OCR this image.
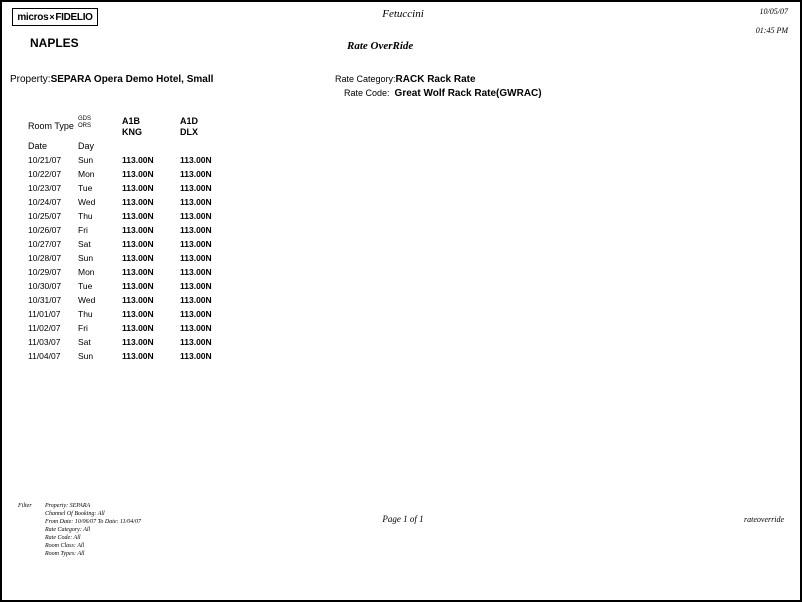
micros×FIDELIO
NAPLES
Fetuccini
Rate OverRide
10/05/07
01:45 PM
Property:SEPARA Opera Demo Hotel, Small	Rate Category:RACK Rack Rate
Rate Code: Great Wolf Rack Rate(GWRAC)
Room Type	
GDS
ORS	A1B
KNG

A1D
DLX

Date	Day		
10/21/07	Sun	113.00N	113.00N
10/22/07	Mon	113.00N	113.00N
10/23/07	Tue	113.00N	113.00N
10/24/07	Wed	113.00N	113.00N
10/25/07	Thu	113.00N	113.00N
10/26/07	Fri	113.00N	113.00N
10/27/07	Sat	113.00N	113.00N
10/28/07	Sun	113.00N	113.00N
10/29/07	Mon	113.00N	113.00N
10/30/07	Tue	113.00N	113.00N
10/31/07	Wed	113.00N	113.00N
11/01/07	Thu	113.00N	113.00N
11/02/07	Fri	113.00N	113.00N
11/03/07	Sat	113.00N	113.00N
11/04/07	Sun	113.00N	113.00N
Filter Property: SEPARA
Channel Of Booking: All
From Date: 10/06/07 To Date: 11/04/07
Rate Category: All
Rate Code: All
Room Class: All
Room Types: All
Page 1 of 1	rateoverride
